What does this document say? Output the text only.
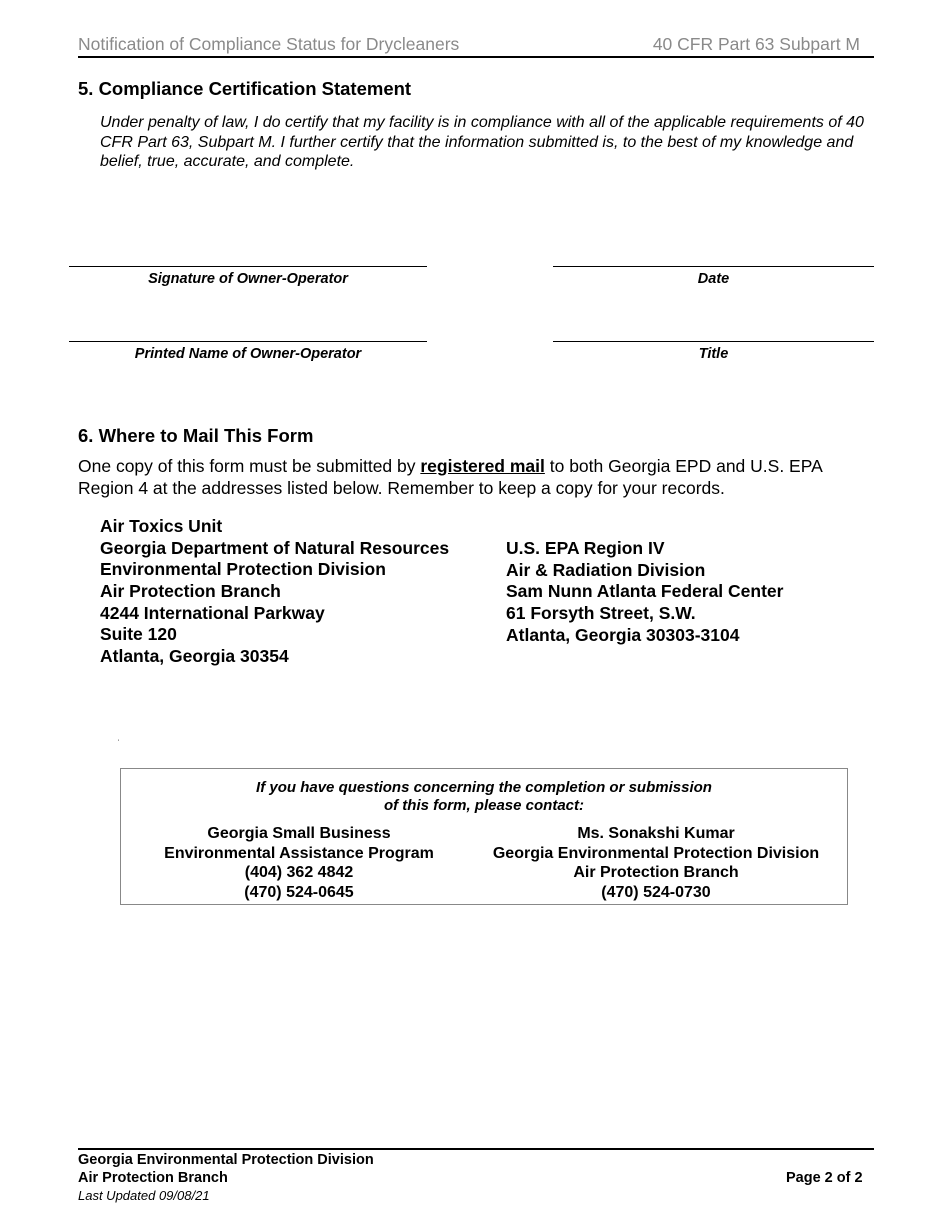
Notification of Compliance Status for Drycleaners	40 CFR Part 63 Subpart M
5. Compliance Certification Statement
Under penalty of law, I do certify that my facility is in compliance with all of the applicable requirements of 40 CFR Part 63, Subpart M. I further certify that the information submitted is, to the best of my knowledge and belief, true, accurate, and complete.
Signature of Owner-Operator	Date
Printed Name of Owner-Operator	Title
6. Where to Mail This Form
One copy of this form must be submitted by registered mail to both Georgia EPD and U.S. EPA Region 4 at the addresses listed below. Remember to keep a copy for your records.
Air Toxics Unit
Georgia Department of Natural Resources
Environmental Protection Division
Air Protection Branch
4244 International Parkway
Suite 120
Atlanta, Georgia 30354
U.S. EPA Region IV
Air & Radiation Division
Sam Nunn Atlanta Federal Center
61 Forsyth Street, S.W.
Atlanta, Georgia 30303-3104
ˈ
If you have questions concerning the completion or submission
of this form, please contact:
Georgia Small Business
Environmental Assistance Program
(404) 362 4842
(470) 524-0645
Ms. Sonakshi Kumar
Georgia Environmental Protection Division
Air Protection Branch
(470) 524-0730
Georgia Environmental Protection Division
Air Protection Branch
Last Updated 09/08/21
Page 2 of 2
